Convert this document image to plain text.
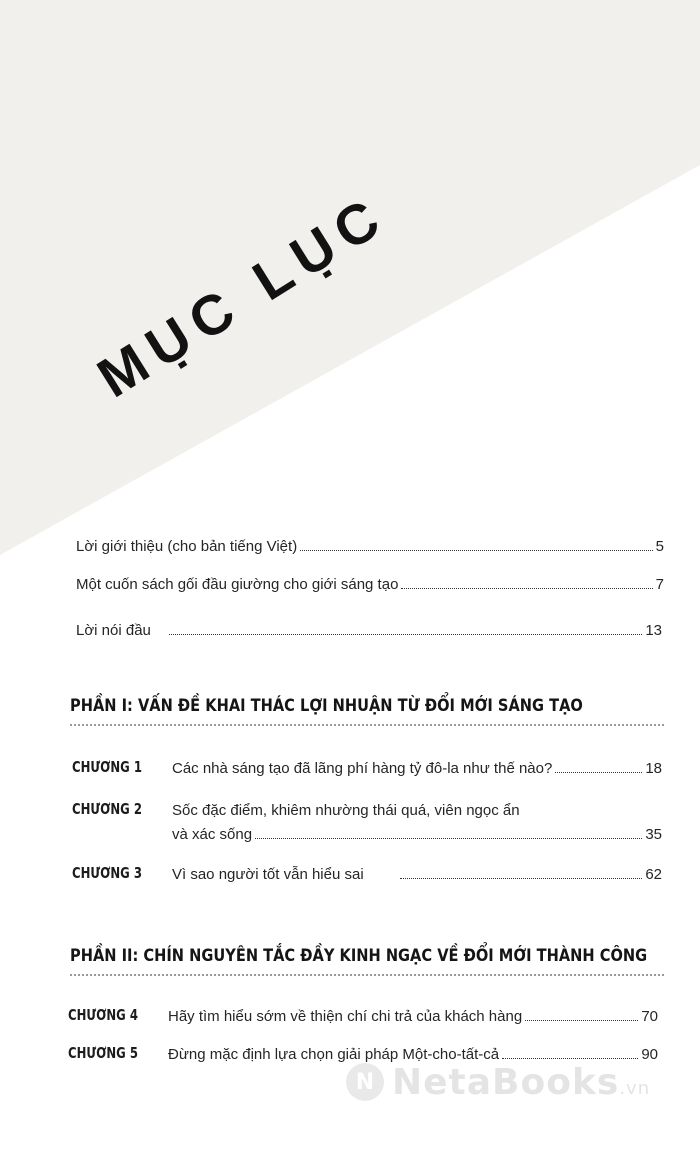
MỤC LỤC
Lời giới thiệu (cho bản tiếng Việt)	5
Một cuốn sách gối đầu giường cho giới sáng tạo	7
Lời nói đầu	13
PHẦN I: VẤN ĐỀ KHAI THÁC LỢI NHUẬN TỪ ĐỔI MỚI SÁNG TẠO
CHƯƠNG 1 Các nhà sáng tạo đã lãng phí hàng tỷ đô-la như thế nào?	18
CHƯƠNG 2 Sốc đặc điểm, khiêm nhường thái quá, viên ngọc ẩn
và xác sống	35
CHƯƠNG 3 Vì sao người tốt vẫn hiểu sai	62
PHẦN II: CHÍN NGUYÊN TẮC ĐẦY KINH NGẠC VỀ ĐỔI MỚI THÀNH CÔNG
CHƯƠNG 4 Hãy tìm hiểu sớm về thiện chí chi trả của khách hàng	70
CHƯƠNG 5 Đừng mặc định lựa chọn giải pháp Một-cho-tất-cả	90
N NetaBooks.vn
